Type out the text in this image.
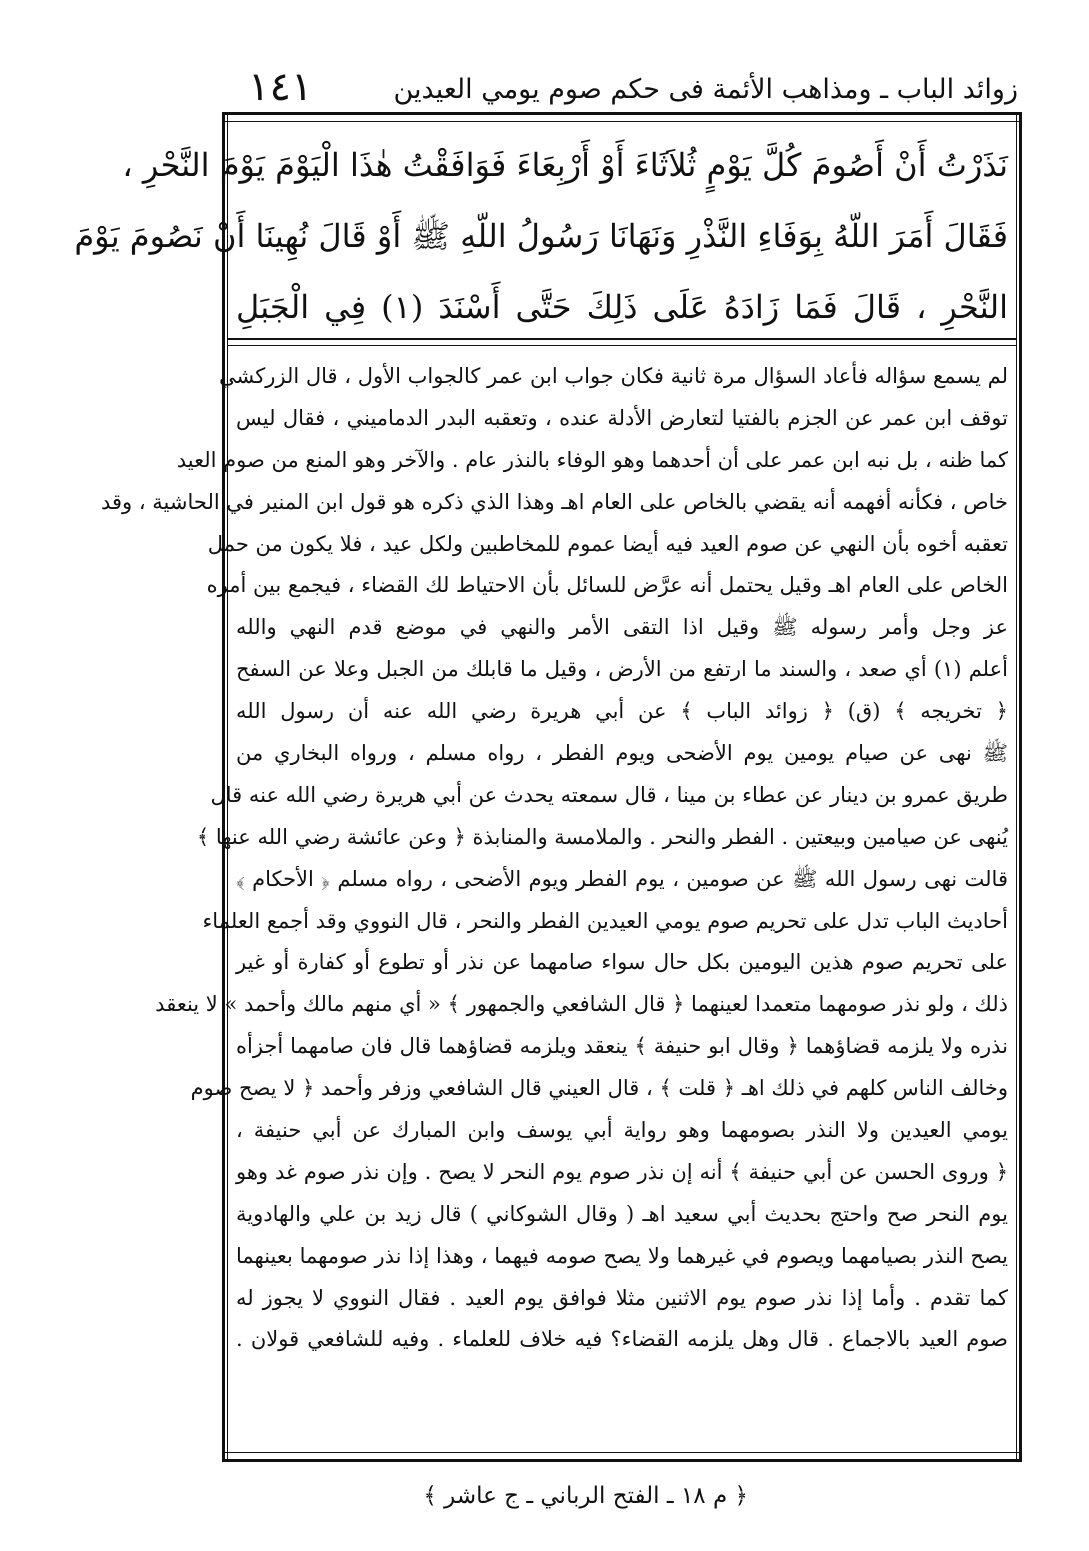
١٤١	زوائد الباب ـ ومذاهب الأئمة فى حكم صوم يومي العيدين
نَذَرْتُ أَنْ أَصُومَ كُلَّ يَوْمٍ ثُلاَثَاءَ أَوْ أَرْبِعَاءَ فَوَافَقْتُ هٰذَا الْيَوْمَ يَوْمَ النَّحْرِ ،
فَقَالَ أَمَرَ اللّهُ بِوَفَاءِ النَّذْرِ وَنَهَانَا رَسُولُ اللّهِ ﷺ أَوْ قَالَ نُهِينَا أَنْ نَصُومَ يَوْمَ
النَّحْرِ ، قَالَ فَمَا زَادَهُ عَلَى ذَلِكَ حَتَّى أَسْنَدَ (١) فِي الْجَبَلِ
لم يسمع سؤاله فأعاد السؤال مرة ثانية فكان جواب ابن عمر كالجواب الأول ، قال الزركشي
توقف ابن عمر عن الجزم بالفتيا لتعارض الأدلة عنده ، وتعقبه البدر الدماميني ، فقال ليس
كما ظنه ، بل نبه ابن عمر على أن أحدهما وهو الوفاء بالنذر عام . والآخر وهو المنع من صوم العيد
خاص ، فكأنه أفهمه أنه يقضي بالخاص على العام اهـ وهذا الذي ذكره هو قول ابن المنير في الحاشية ، وقد
تعقبه أخوه بأن النهي عن صوم العيد فيه أيضا عموم للمخاطبين ولكل عيد ، فلا يكون من حمل
الخاص على العام اهـ وقيل يحتمل أنه عرَّض للسائل بأن الاحتياط لك القضاء ، فيجمع بين أمره
عز وجل وأمر رسوله ﷺ وقيل اذا التقى الأمر والنهي في موضع قدم النهي والله
أعلم (١) أي صعد ، والسند ما ارتفع من الأرض ، وقيل ما قابلك من الجبل وعلا عن السفح
﴿ تخريجه ﴾ (ق) ﴿ زوائد الباب ﴾ عن أبي هريرة رضي الله عنه أن رسول الله
ﷺ نهى عن صيام يومين يوم الأضحى ويوم الفطر ، رواه مسلم ، ورواه البخاري من
طريق عمرو بن دينار عن عطاء بن مينا ، قال سمعته يحدث عن أبي هريرة رضي الله عنه قال
يُنهى عن صيامين وبيعتين . الفطر والنحر . والملامسة والمنابذة ﴿ وعن عائشة رضي الله عنها ﴾
قالت نهى رسول الله ﷺ عن صومين ، يوم الفطر ويوم الأضحى ، رواه مسلم ﴿ الأحكام ﴾
أحاديث الباب تدل على تحريم صوم يومي العيدين الفطر والنحر ، قال النووي وقد أجمع العلماء
على تحريم صوم هذين اليومين بكل حال سواء صامهما عن نذر أو تطوع أو كفارة أو غير
ذلك ، ولو نذر صومهما متعمدا لعينهما ﴿ قال الشافعي والجمهور ﴾ « أي منهم مالك وأحمد » لا ينعقد
نذره ولا يلزمه قضاؤهما ﴿ وقال ابو حنيفة ﴾ ينعقد ويلزمه قضاؤهما قال فان صامهما أجزأه
وخالف الناس كلهم في ذلك اهـ ﴿ قلت ﴾ ، قال العيني قال الشافعي وزفر وأحمد ﴿ لا يصح صوم
يومي العيدين ولا النذر بصومهما وهو رواية أبي يوسف وابن المبارك عن أبي حنيفة ،
﴿ وروى الحسن عن أبي حنيفة ﴾ أنه إن نذر صوم يوم النحر لا يصح . وإن نذر صوم غد وهو
يوم النحر صح واحتج بحديث أبي سعيد اهـ ( وقال الشوكاني ) قال زيد بن علي والهادوية
يصح النذر بصيامهما ويصوم في غيرهما ولا يصح صومه فيهما ، وهذا إذا نذر صومهما بعينهما
كما تقدم . وأما إذا نذر صوم يوم الاثنين مثلا فوافق يوم العيد . فقال النووي لا يجوز له
صوم العيد بالاجماع . قال وهل يلزمه القضاء؟ فيه خلاف للعلماء . وفيه للشافعي قولان .
﴿ م ١٨ ـ الفتح الرباني ـ ج عاشر ﴾
